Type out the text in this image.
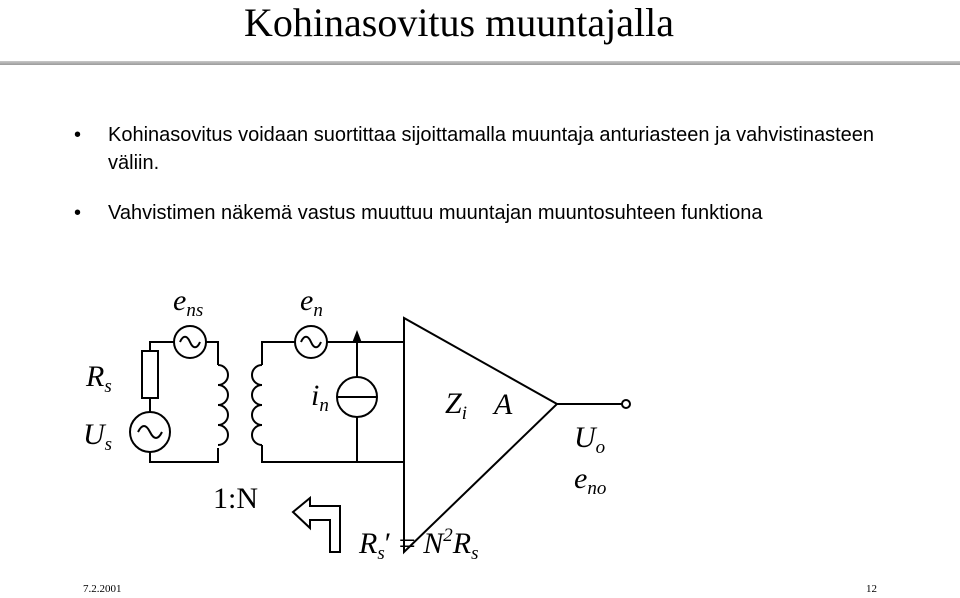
Kohinasovitus muuntajalla
• Kohinasovitus voidaan suortittaa sijoittamalla muuntaja anturiasteen ja vahvistinasteen väliin.
• Vahvistimen näkemä vastus muuttuu muuntajan muuntosuhteen funktiona
Rs
Us
ens	en
in	Zi A
Uo
eno
1:N
Rs′ = N2Rs
7.2.2001	12
